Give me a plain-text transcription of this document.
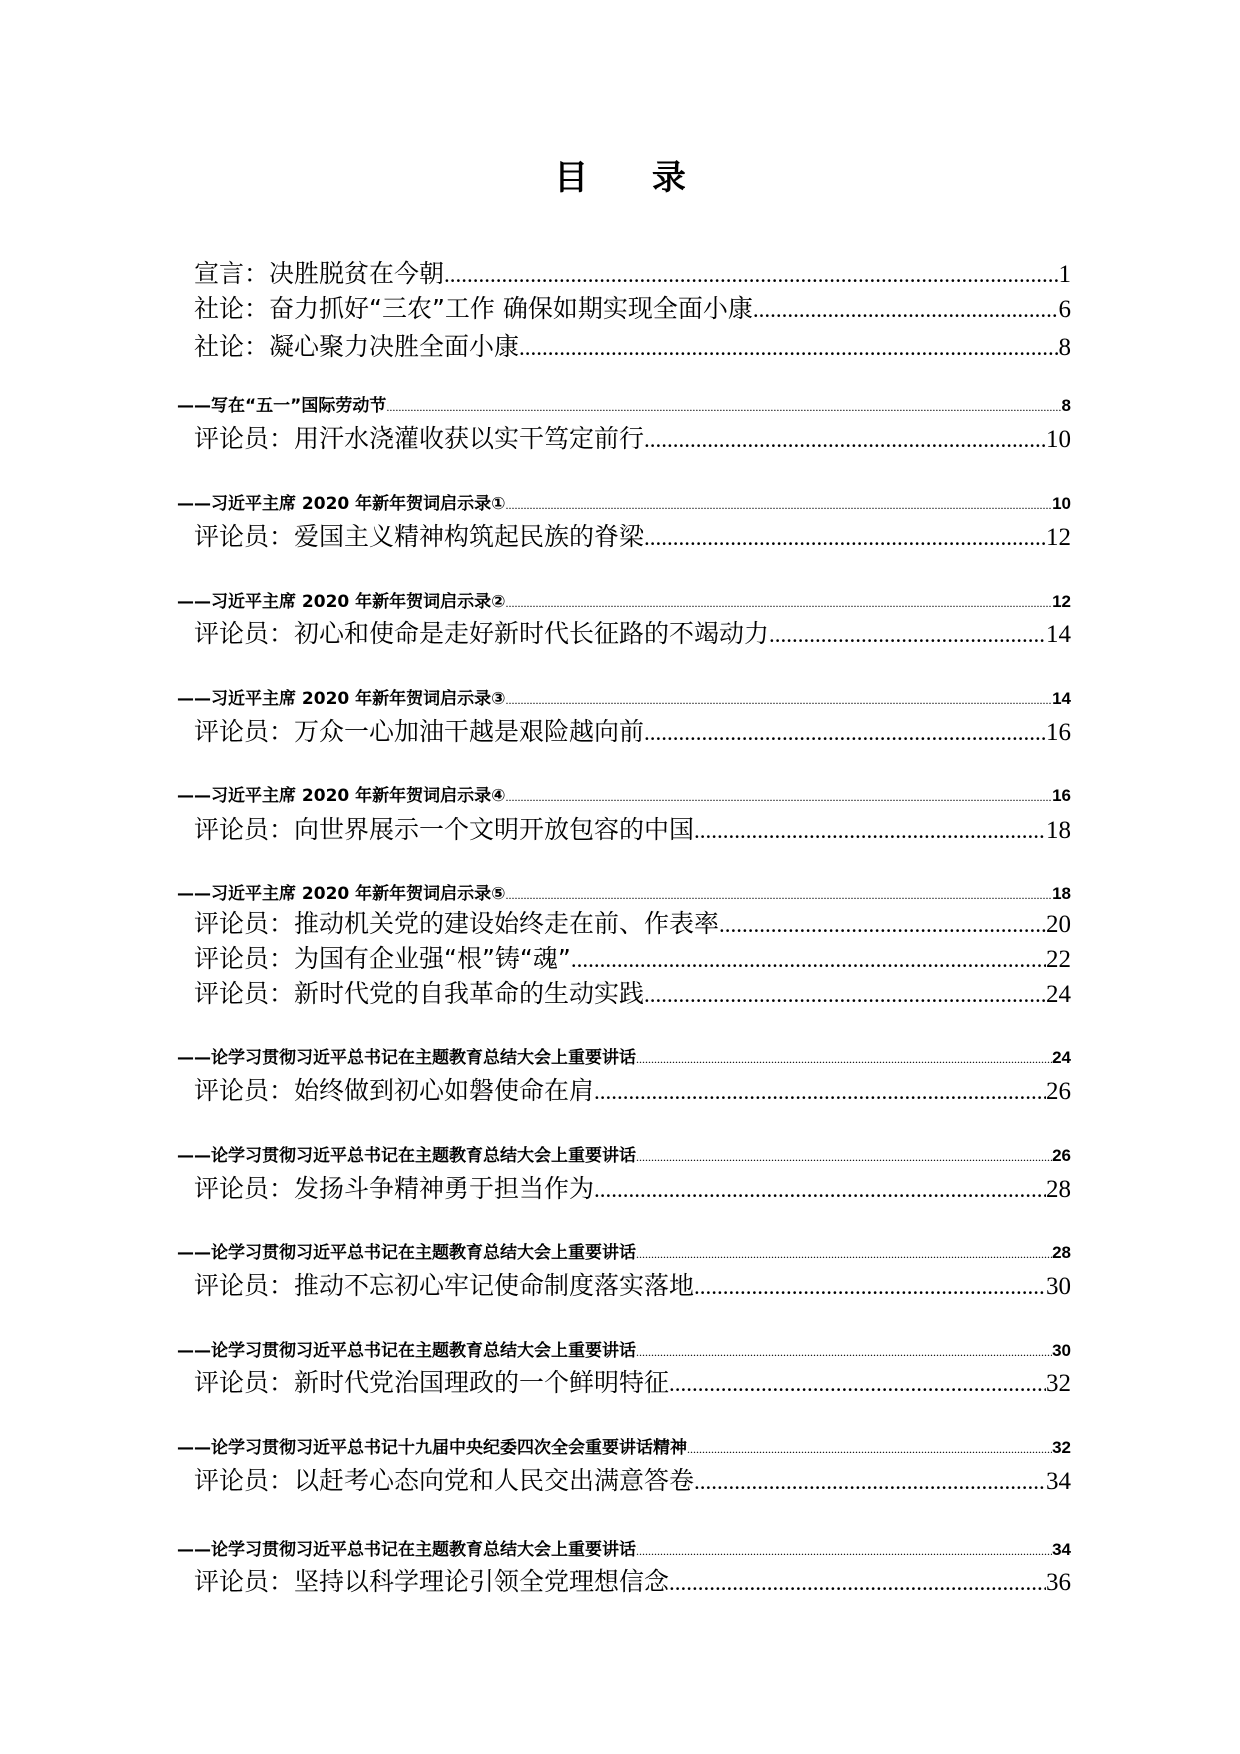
目 录
宣言：决胜脱贫在今朝 .....	1
社论：奋力抓好“三农”工作 确保如期实现全面小康 .....	6
社论：凝心聚力决胜全面小康 .....	8
——写在“五一”国际劳动节 .....	8
评论员：用汗水浇灌收获以实干笃定前行 .....	10
——习近平主席 2020 年新年贺词启示录① .....	10
评论员：爱国主义精神构筑起民族的脊梁 .....	12
——习近平主席 2020 年新年贺词启示录② .....	12
评论员：初心和使命是走好新时代长征路的不竭动力 .....	14
——习近平主席 2020 年新年贺词启示录③ .....	14
评论员：万众一心加油干越是艰险越向前 .....	16
——习近平主席 2020 年新年贺词启示录④ .....	16
评论员：向世界展示一个文明开放包容的中国 .....	18
——习近平主席 2020 年新年贺词启示录⑤ .....	18
评论员：推动机关党的建设始终走在前、作表率 .....	20
评论员：为国有企业强“根”铸“魂” .....	22
评论员：新时代党的自我革命的生动实践 .....	24
——论学习贯彻习近平总书记在主题教育总结大会上重要讲话 .....	24
评论员：始终做到初心如磐使命在肩 .....	26
——论学习贯彻习近平总书记在主题教育总结大会上重要讲话 .....	26
评论员：发扬斗争精神勇于担当作为 .....	28
——论学习贯彻习近平总书记在主题教育总结大会上重要讲话 .....	28
评论员：推动不忘初心牢记使命制度落实落地 .....	30
——论学习贯彻习近平总书记在主题教育总结大会上重要讲话 .....	30
评论员：新时代党治国理政的一个鲜明特征 .....	32
——论学习贯彻习近平总书记十九届中央纪委四次全会重要讲话精神 .....	32
评论员：以赶考心态向党和人民交出满意答卷 .....	34
——论学习贯彻习近平总书记在主题教育总结大会上重要讲话 .....	34
评论员：坚持以科学理论引领全党理想信念 .....	36
